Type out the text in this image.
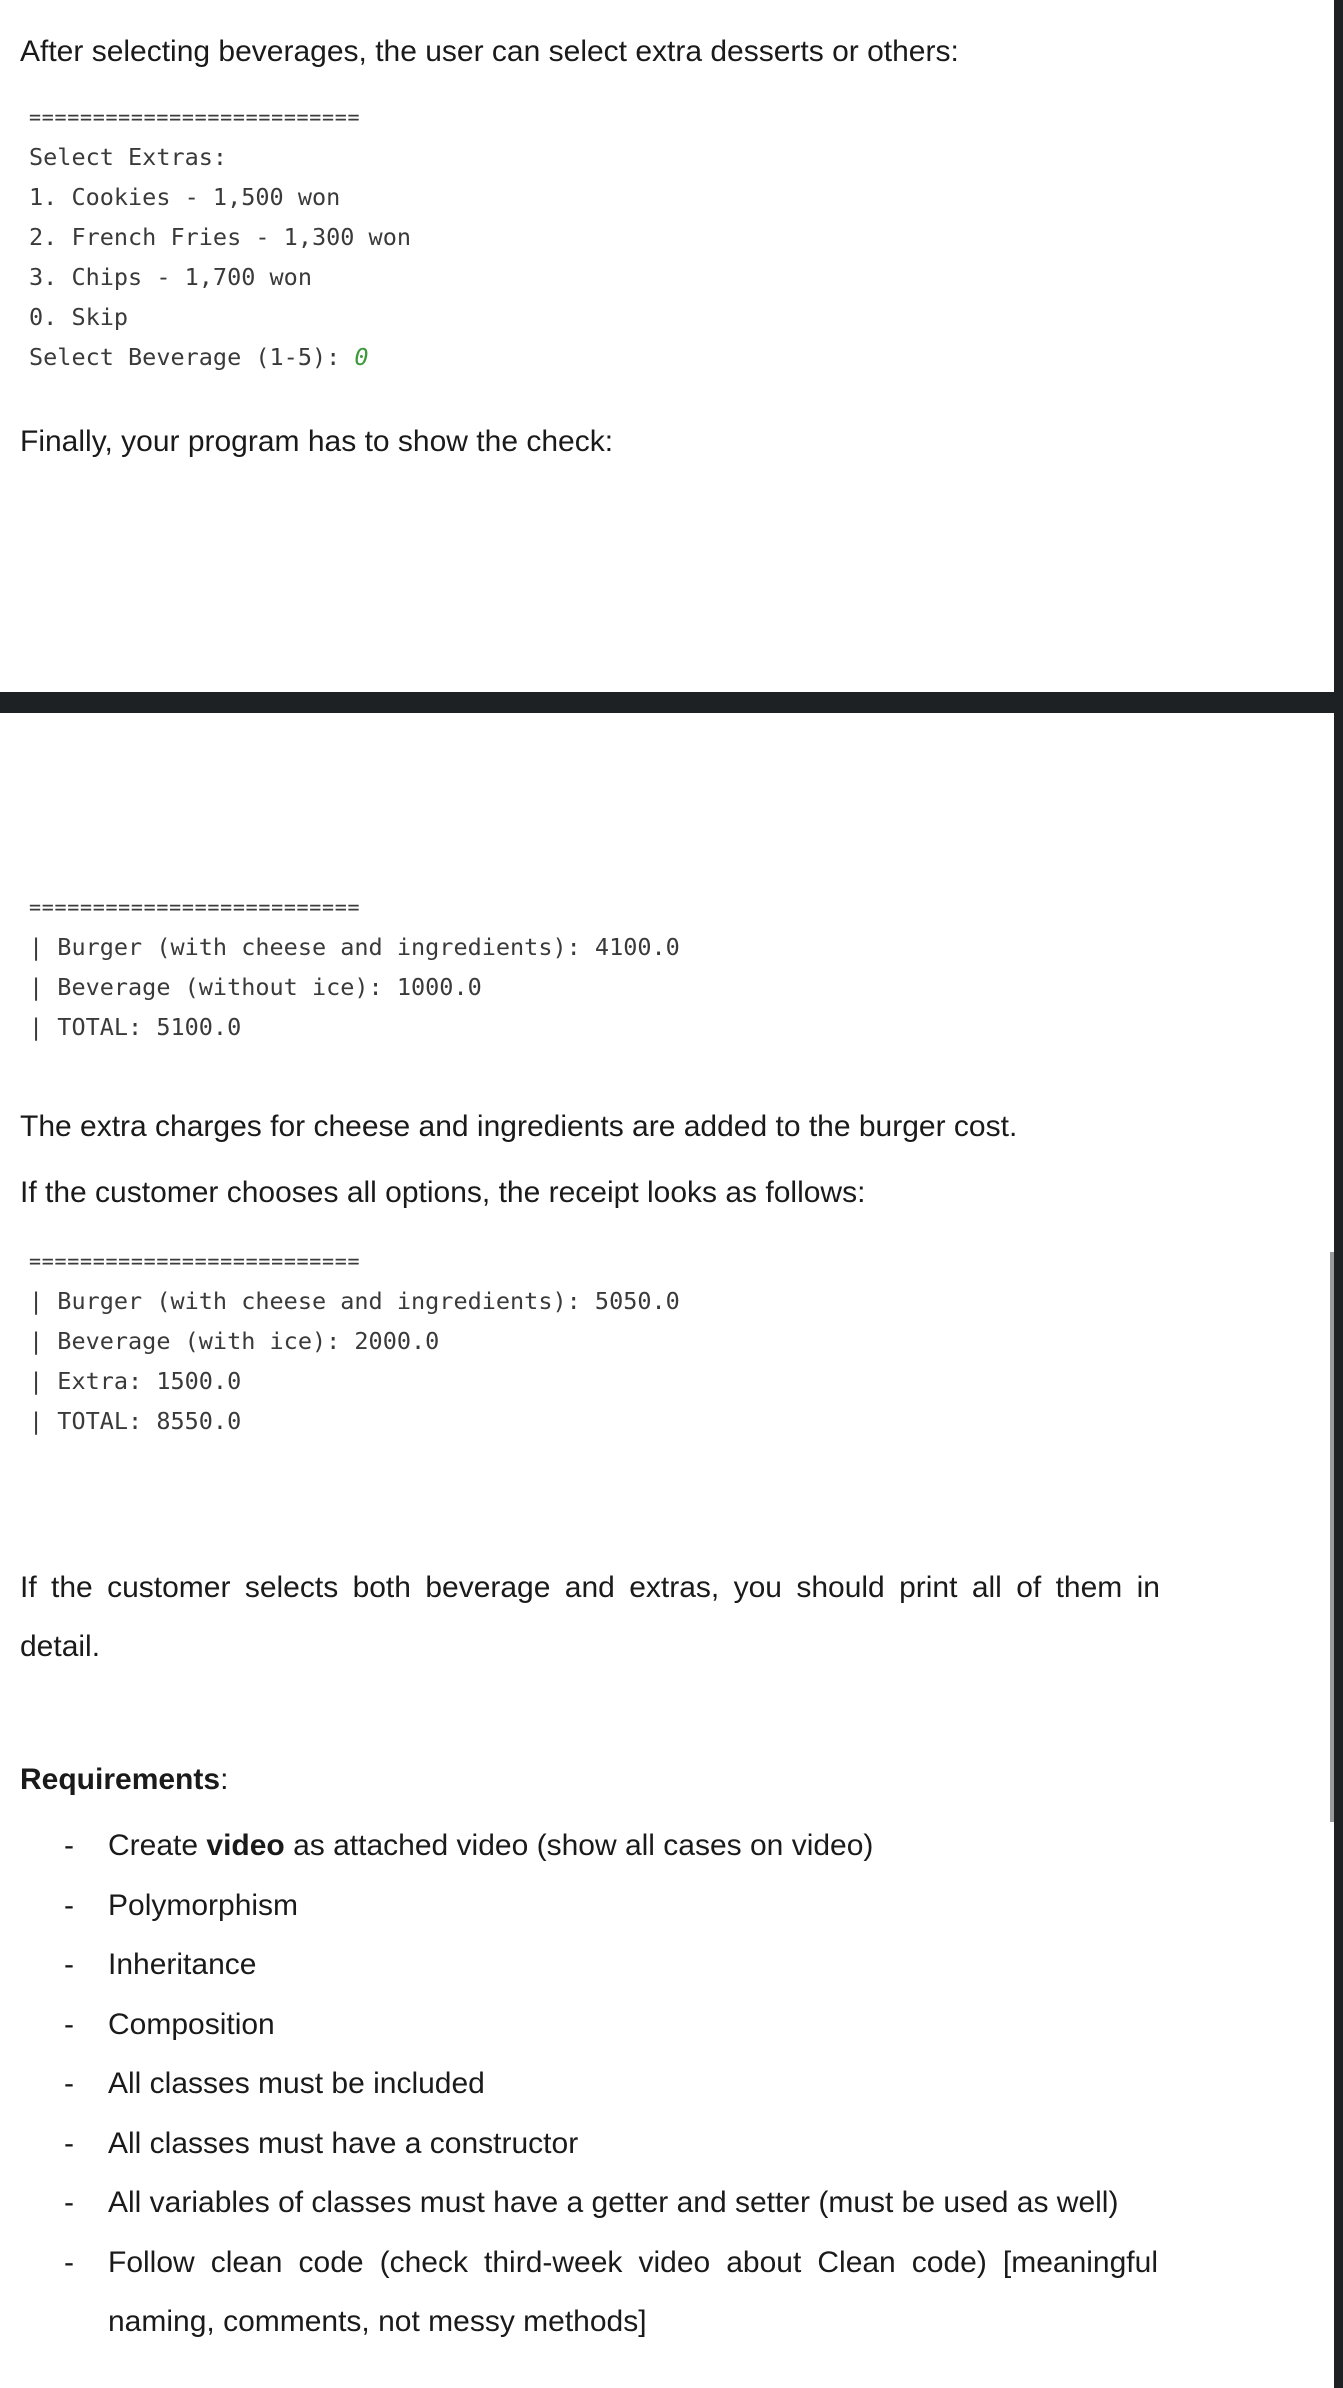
After selecting beverages, the user can select extra desserts or others:

==========================
Select Extras:
1. Cookies - 1,500 won
2. French Fries - 1,300 won
3. Chips - 1,700 won
0. Skip
Select Beverage (1-5): 0

Finally, your program has to show the check:

==========================
| Burger (with cheese and ingredients): 4100.0
| Beverage (without ice): 1000.0
| TOTAL: 5100.0

The extra charges for cheese and ingredients are added to the burger cost.

If the customer chooses all options, the receipt looks as follows:

==========================
| Burger (with cheese and ingredients): 5050.0
| Beverage (with ice): 2000.0
| Extra: 1500.0
| TOTAL: 8550.0

If the customer selects both beverage and extras, you should print all of them in detail.

Requirements:

- Create video as attached video (show all cases on video)
- Polymorphism
- Inheritance
- Composition
- All classes must be included
- All classes must have a constructor
- All variables of classes must have a getter and setter (must be used as well)
- Follow clean code (check third-week video about Clean code) [meaningful naming, comments, not messy methods]
